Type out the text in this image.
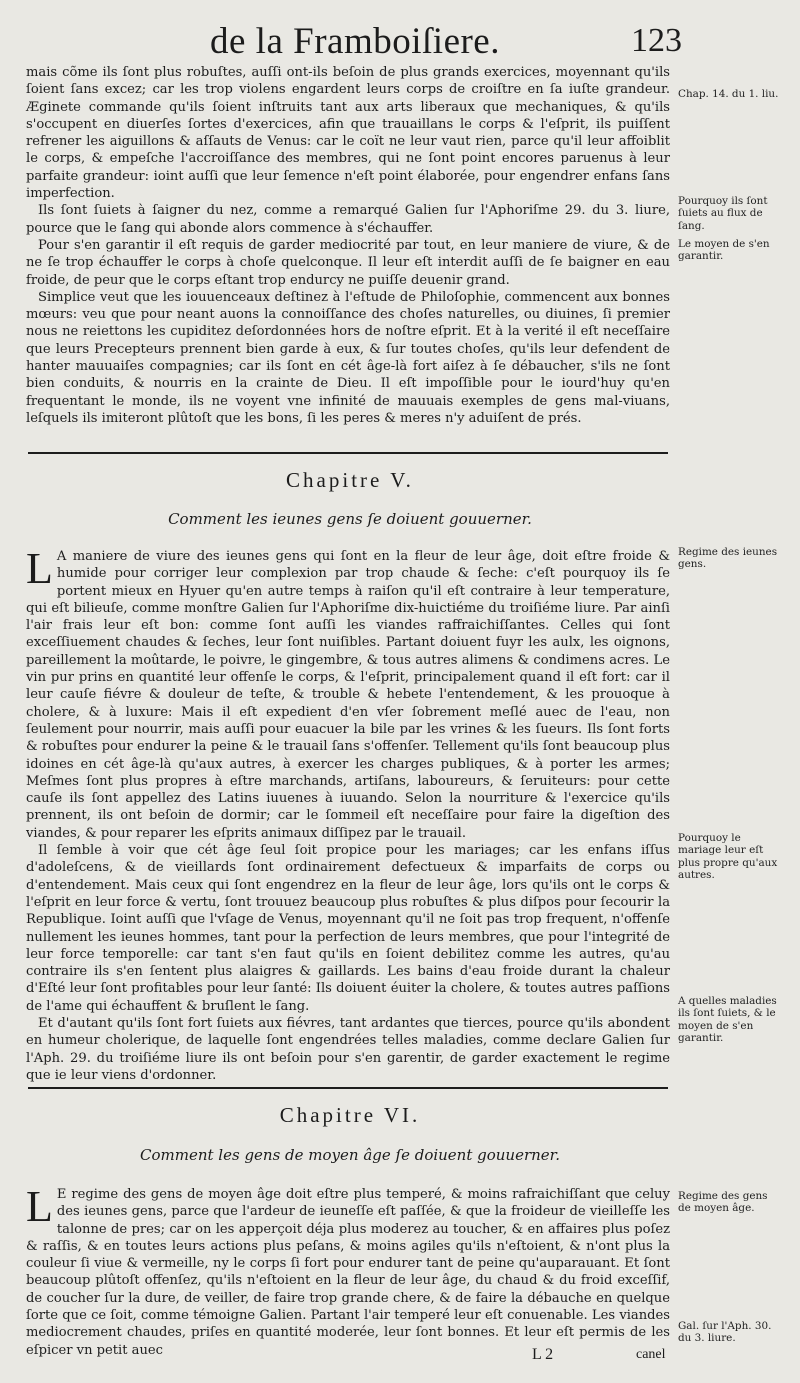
de la Framboiſiere.	123

mais cõme ils ſont plus robuſtes, auſſi ont-ils beſoin de plus grands exercices, moyennant qu'ils ſoient ſans excez; car les trop violens engardent leurs corps de croiſtre en ſa iuſte grandeur. Æginete commande qu'ils ſoient inſtruits tant aux arts liberaux que mechaniques, & qu'ils s'occupent en diuerſes ſortes d'exercices, afin que trauaillans le corps & l'eſprit, ils puiſſent refrener les aiguillons & aſſauts de Venus: car le coït ne leur vaut rien, parce qu'il leur affoiblit le corps, & empeſche l'accroiſſance des membres, qui ne ſont point encores paruenus à leur parfaite grandeur: ioint auſſi que leur ſemence n'eſt point élaborée, pour engendrer enfans ſans imperfection.

Ils ſont ſuiets à ſaigner du nez, comme a remarqué Galien ſur l'Aphoriſme 29. du 3. liure, pource que le ſang qui abonde alors commence à s'échauffer.

Pour s'en garantir il eſt requis de garder mediocrité par tout, en leur maniere de viure, & de ne ſe trop échauffer le corps à choſe quelconque. Il leur eſt interdit auſſi de ſe baigner en eau froide, de peur que le corps eſtant trop endurcy ne puiſſe deuenir grand.

Simplice veut que les iouuenceaux deſtinez à l'eſtude de Philoſophie, commencent aux bonnes mœurs: veu que pour neant auons la connoiſſance des choſes naturelles, ou diuines, ſi premier nous ne reiettons les cupiditez deſordonnées hors de noſtre eſprit. Et à la verité il eſt neceſſaire que leurs Precepteurs prennent bien garde à eux, & ſur toutes choſes, qu'ils leur defendent de hanter mauuaiſes compagnies; car ils ſont en cét âge-là fort aiſez à ſe débaucher, s'ils ne ſont bien conduits, & nourris en la crainte de Dieu. Il eſt impoſſible pour le iourd'huy qu'en frequentant le monde, ils ne voyent vne infinité de mauuais exemples de gens mal-viuans, leſquels ils imiteront plûtoſt que les bons, ſi les peres & meres n'y aduiſent de prés.

Chapitre V.
Comment les ieunes gens ſe doiuent gouuerner.

L A maniere de viure des ieunes gens qui ſont en la fleur de leur âge, doit eſtre froide & humide pour corriger leur complexion par trop chaude & ſeche: c'eſt pourquoy ils ſe portent mieux en Hyuer qu'en autre temps à raiſon qu'il eſt contraire à leur temperature, qui eſt bilieuſe, comme monſtre Galien ſur l'Aphoriſme dix-huictiéme du troiſiéme liure. Par ainſi l'air frais leur eſt bon: comme ſont auſſi les viandes raffraichiſſantes. Celles qui ſont exceſſiuement chaudes & ſeches, leur ſont nuiſibles. Partant doiuent fuyr les aulx, les oignons, pareillement la moûtarde, le poivre, le gingembre, & tous autres alimens & condimens acres. Le vin pur prins en quantité leur offenſe le corps, & l'eſprit, principalement quand il eſt fort: car il leur cauſe fiévre & douleur de teſte, & trouble & hebete l'entendement, & les prouoque à cholere, & à luxure: Mais il eſt expedient d'en vſer ſobrement meſlé auec de l'eau, non ſeulement pour nourrir, mais auſſi pour euacuer la bile par les vrines & les ſueurs. Ils ſont forts & robuſtes pour endurer la peine & le trauail ſans s'offenſer. Tellement qu'ils ſont beaucoup plus idoines en cét âge-là qu'aux autres, à exercer les charges publiques, & à porter les armes; Meſmes ſont plus propres à eſtre marchands, artiſans, laboureurs, & ſeruiteurs: pour cette cauſe ils ſont appellez des Latins iuuenes à iuuando. Selon la nourriture & l'exercice qu'ils prennent, ils ont beſoin de dormir; car le ſommeil eſt neceſſaire pour faire la digeſtion des viandes, & pour reparer les eſprits animaux diſſipez par le trauail.

Il ſemble à voir que cét âge ſeul ſoit propice pour les mariages; car les enfans iſſus d'adoleſcens, & de vieillards ſont ordinairement defectueux & imparfaits de corps ou d'entendement. Mais ceux qui ſont engendrez en la fleur de leur âge, lors qu'ils ont le corps & l'eſprit en leur force & vertu, ſont trouuez beaucoup plus robuſtes & plus diſpos pour ſecourir la Republique. Ioint auſſi que l'vſage de Venus, moyennant qu'il ne ſoit pas trop frequent, n'offenſe nullement les ieunes hommes, tant pour la perfection de leurs membres, que pour l'integrité de leur force temporelle: car tant s'en faut qu'ils en ſoient debilitez comme les autres, qu'au contraire ils s'en ſentent plus alaigres & gaillards. Les bains d'eau froide durant la chaleur d'Eſté leur ſont profitables pour leur ſanté: Ils doiuent éuiter la cholere, & toutes autres paſſions de l'ame qui échauffent & bruſlent le ſang.

Et d'autant qu'ils ſont fort ſuiets aux fiévres, tant ardantes que tierces, pource qu'ils abondent en humeur cholerique, de laquelle ſont engendrées telles maladies, comme declare Galien ſur l'Aph. 29. du troiſiéme liure ils ont beſoin pour s'en garentir, de garder exactement le regime que ie leur viens d'ordonner.

Chapitre VI.
Comment les gens de moyen âge ſe doiuent gouuerner.

L E regime des gens de moyen âge doit eſtre plus temperé, & moins rafraichiſſant que celuy des ieunes gens, parce que l'ardeur de ieuneſſe eſt paſſée, & que la froideur de vieilleſſe les talonne de pres; car on les apperçoit déja plus moderez au toucher, & en affaires plus poſez & raſſis, & en toutes leurs actions plus peſans, & moins agiles qu'ils n'eſtoient, & n'ont plus la couleur ſi viue & vermeille, ny le corps ſi fort pour endurer tant de peine qu'auparauant. Et ſont beaucoup plûtoſt offenſez, qu'ils n'eſtoient en la fleur de leur âge, du chaud & du froid exceſſif, de coucher ſur la dure, de veiller, de faire trop grande chere, & de faire la débauche en quelque ſorte que ce ſoit, comme témoigne Galien. Partant l'air temperé leur eſt conuenable. Les viandes mediocrement chaudes, priſes en quantité moderée, leur ſont bonnes. Et leur eſt permis de les eſpicer vn petit auec

Chap. 14. du 1. liu.
Pourquoy ils ſont ſuiets au flux de ſang.
Le moyen de s'en garantir.
Regime des ieunes gens.
Pourquoy le mariage leur eſt plus propre qu'aux autres.
A quelles maladies ils ſont ſuiets, & le moyen de s'en garantir.
Regime des gens de moyen âge.
Gal. ſur l'Aph. 30. du 3. liure.
L 2	canel
